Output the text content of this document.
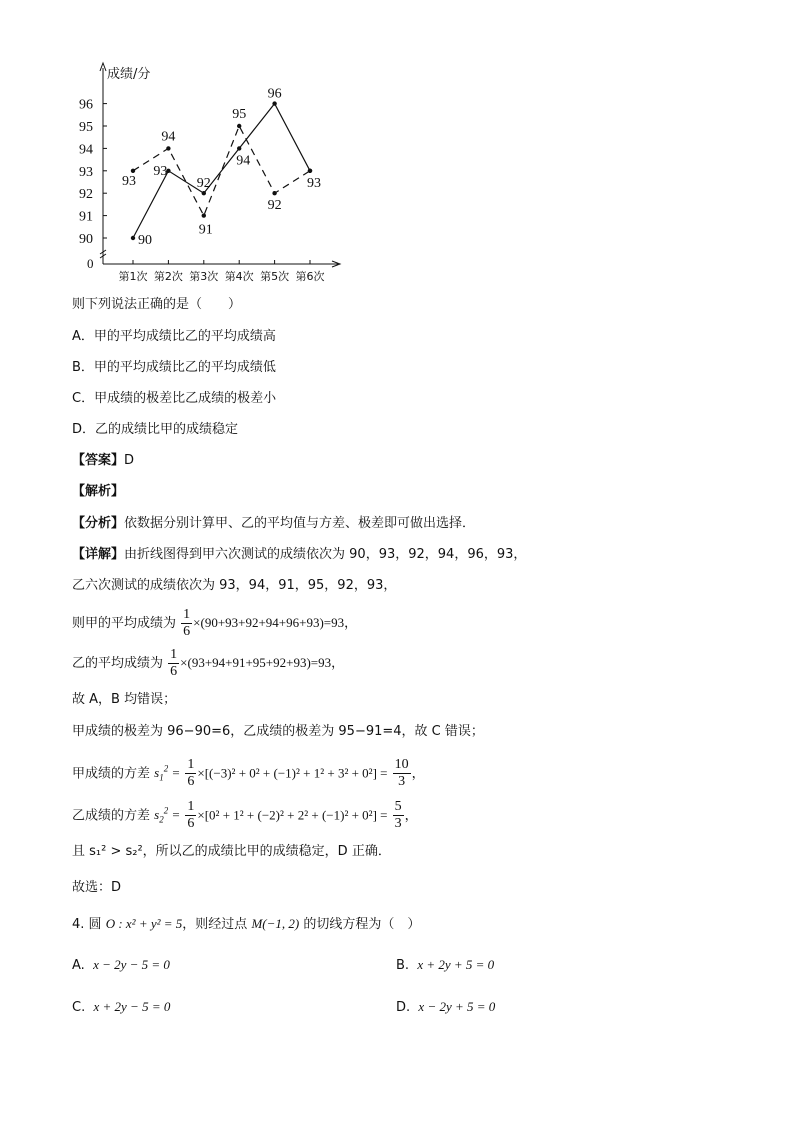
成绩/分
0
90
91
92
93
94
95
96
第1次 第2次 第3次 第4次 第5次 第6次
90
93
92
94
96
93
93
94
91
95
92
则下列说法正确的是（　　）
A．甲的平均成绩比乙的平均成绩高
B．甲的平均成绩比乙的平均成绩低
C．甲成绩的极差比乙成绩的极差小
D．乙的成绩比甲的成绩稳定
【答案】D
【解析】
【分析】依数据分别计算甲、乙的平均值与方差、极差即可做出选择．
【详解】由折线图得到甲六次测试的成绩依次为 90，93，92，94，96，93，
乙六次测试的成绩依次为 93，94，91，95，92，93，
则甲的平均成绩为 $\frac{1}{6} \times(90+93+92+94+96+93)=93$，
乙的平均成绩为 $\frac{1}{6} \times(93+94+91+95+92+93)=93$，
故 A，B 均错误；
甲成绩的极差为 96−90=6，乙成绩的极差为 95−91=4，故 C 错误；
甲成绩的方差 $s_1^2 = \frac{1}{6} \times[(-3)^2 + 0^2 + (-1)^2 + 1^2 + 3^2 + 0^2] = \frac{10}{3}$ ，
乙成绩的方差 $s_2^2 = \frac{1}{6} \times[0^2 + 1^2 + (-2)^2 + 2^2 + (-1)^2 + 0^2] = \frac{5}{3}$ ，
且 s₁² > s₂²，所以乙的成绩比甲的成绩稳定，D 正确．
故选：D
4. 圆 O : x² + y² = 5，则经过点 M(−1, 2) 的切线方程为（　）
A. x − 2y − 5 = 0	B. x + 2y + 5 = 0
C. x + 2y − 5 = 0	D. x − 2y + 5 = 0
